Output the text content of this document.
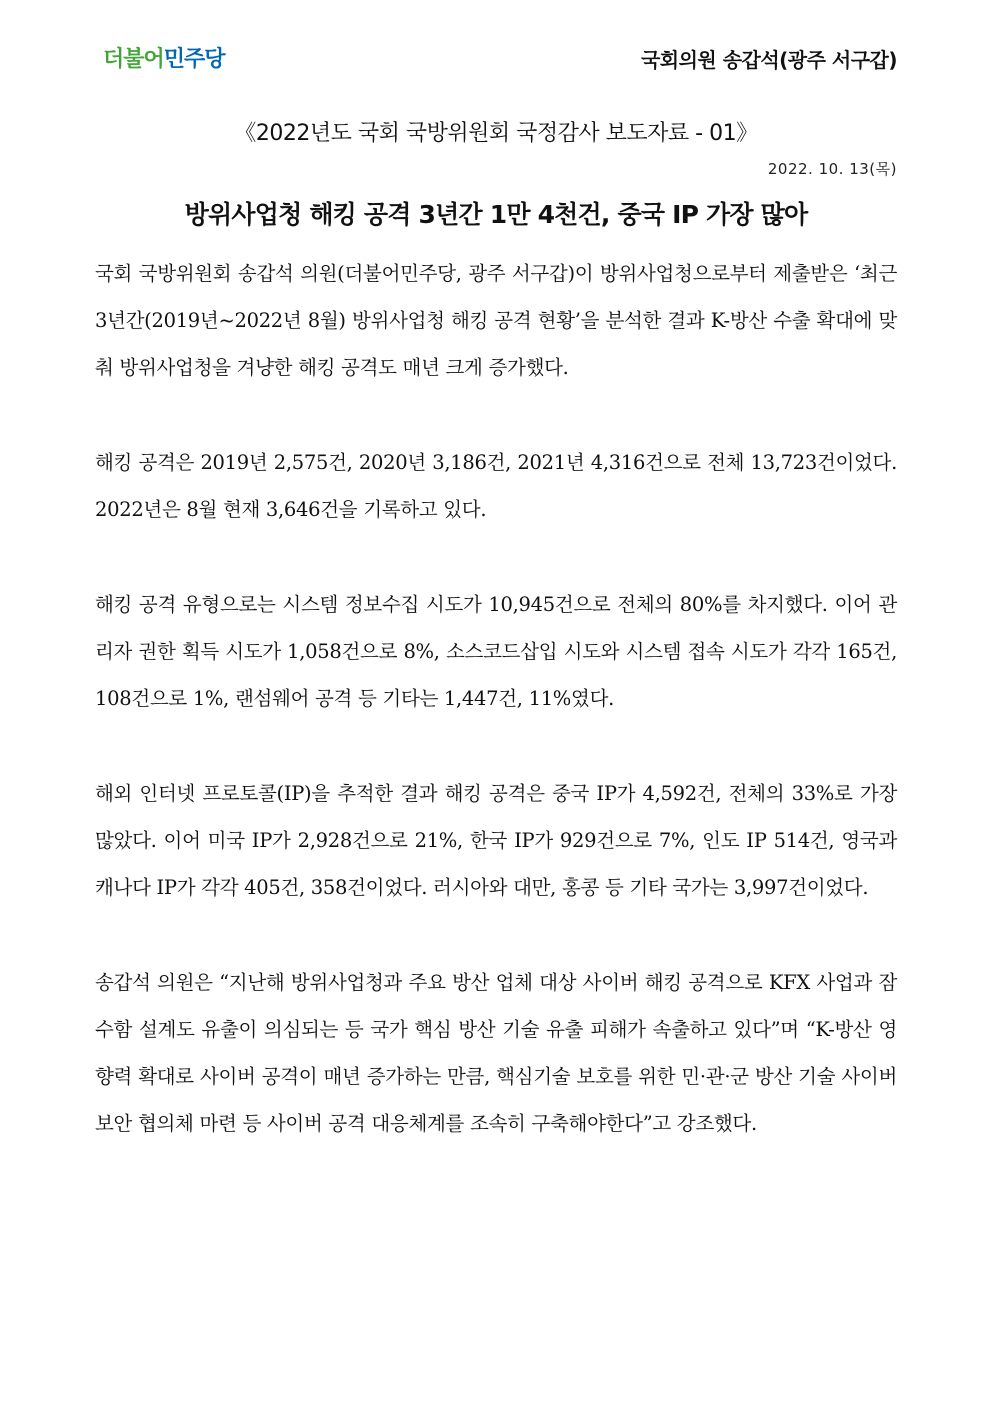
더불어민주당	국회의원 송갑석(광주 서구갑)
《2022년도 국회 국방위원회 국정감사 보도자료 - 01》
2022. 10. 13(목)
방위사업청 해킹 공격 3년간 1만 4천건, 중국 IP 가장 많아

국회 국방위원회 송갑석 의원(더불어민주당, 광주 서구갑)이 방위사업청으로부터 제출받은 ‘최근 3년간(2019년~2022년 8월) 방위사업청 해킹 공격 현황’을 분석한 결과 K-방산 수출 확대에 맞춰 방위사업청을 겨냥한 해킹 공격도 매년 크게 증가했다.

해킹 공격은 2019년 2,575건, 2020년 3,186건, 2021년 4,316건으로 전체 13,723건이었다. 2022년은 8월 현재 3,646건을 기록하고 있다.

해킹 공격 유형으로는 시스템 정보수집 시도가 10,945건으로 전체의 80%를 차지했다. 이어 관리자 권한 획득 시도가 1,058건으로 8%, 소스코드삽입 시도와 시스템 접속 시도가 각각 165건, 108건으로 1%, 랜섬웨어 공격 등 기타는 1,447건, 11%였다.

해외 인터넷 프로토콜(IP)을 추적한 결과 해킹 공격은 중국 IP가 4,592건, 전체의 33%로 가장 많았다. 이어 미국 IP가 2,928건으로 21%, 한국 IP가 929건으로 7%, 인도 IP 514건, 영국과 캐나다 IP가 각각 405건, 358건이었다. 러시아와 대만, 홍콩 등 기타 국가는 3,997건이었다.

송갑석 의원은 “지난해 방위사업청과 주요 방산 업체 대상 사이버 해킹 공격으로 KFX 사업과 잠수함 설계도 유출이 의심되는 등 국가 핵심 방산 기술 유출 피해가 속출하고 있다”며 “K-방산 영향력 확대로 사이버 공격이 매년 증가하는 만큼, 핵심기술 보호를 위한 민·관·군 방산 기술 사이버보안 협의체 마련 등 사이버 공격 대응체계를 조속히 구축해야한다”고 강조했다.
